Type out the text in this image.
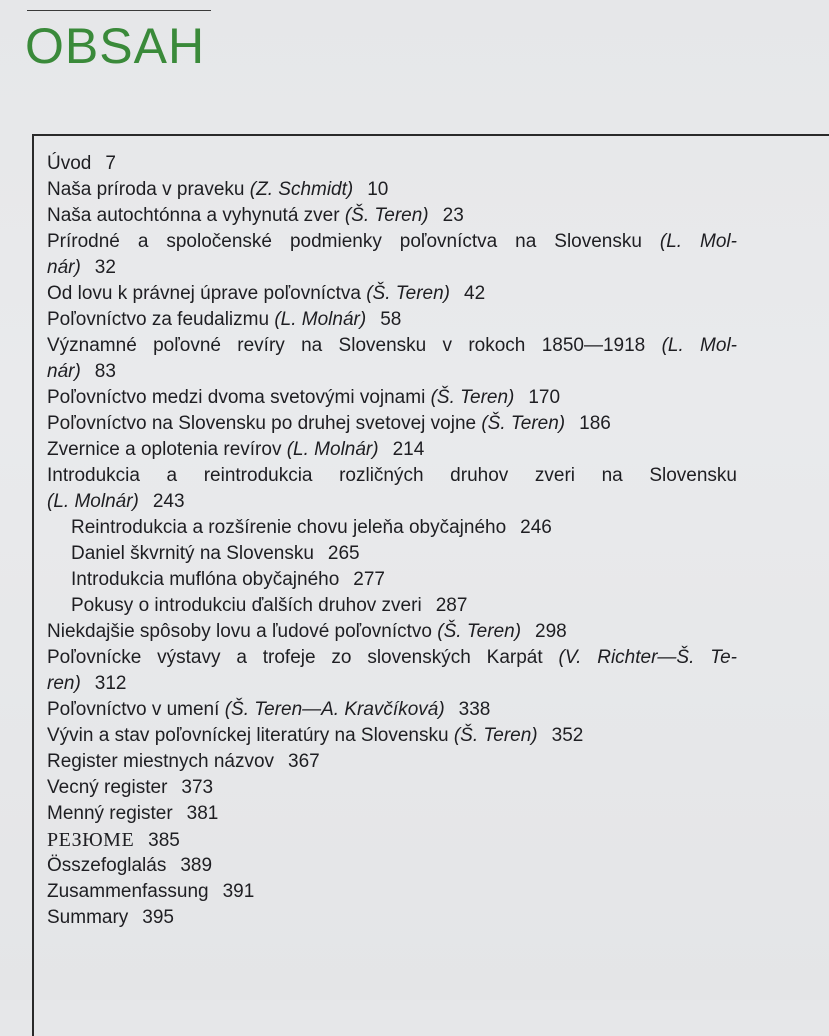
OBSAH
Úvod 7
Naša príroda v praveku (Z. Schmidt) 10
Naša autochtónna a vyhynutá zver (Š. Teren) 23
Prírodné a spoločenské podmienky poľovníctva na Slovensku (L. Mol-
nár) 32
Od lovu k právnej úprave poľovníctva (Š. Teren) 42
Poľovníctvo za feudalizmu (L. Molnár) 58
Významné poľovné revíry na Slovensku v rokoch 1850—1918 (L. Mol-
nár) 83
Poľovníctvo medzi dvoma svetovými vojnami (Š. Teren) 170
Poľovníctvo na Slovensku po druhej svetovej vojne (Š. Teren) 186
Zvernice a oplotenia revírov (L. Molnár) 214
Introdukcia a reintrodukcia rozličných druhov zveri na Slovensku
(L. Molnár) 243
Reintrodukcia a rozšírenie chovu jeleňa obyčajného 246
Daniel škvrnitý na Slovensku 265
Introdukcia muflóna obyčajného 277
Pokusy o introdukciu ďalších druhov zveri 287
Niekdajšie spôsoby lovu a ľudové poľovníctvo (Š. Teren) 298
Poľovnícke výstavy a trofeje zo slovenských Karpát (V. Richter—Š. Te-
ren) 312
Poľovníctvo v umení (Š. Teren—A. Kravčíková) 338
Vývin a stav poľovníckej literatúry na Slovensku (Š. Teren) 352
Register miestnych názvov 367
Vecný register 373
Menný register 381
РЕЗЮМЕ 385
Összefoglalás 389
Zusammenfassung 391
Summary 395
